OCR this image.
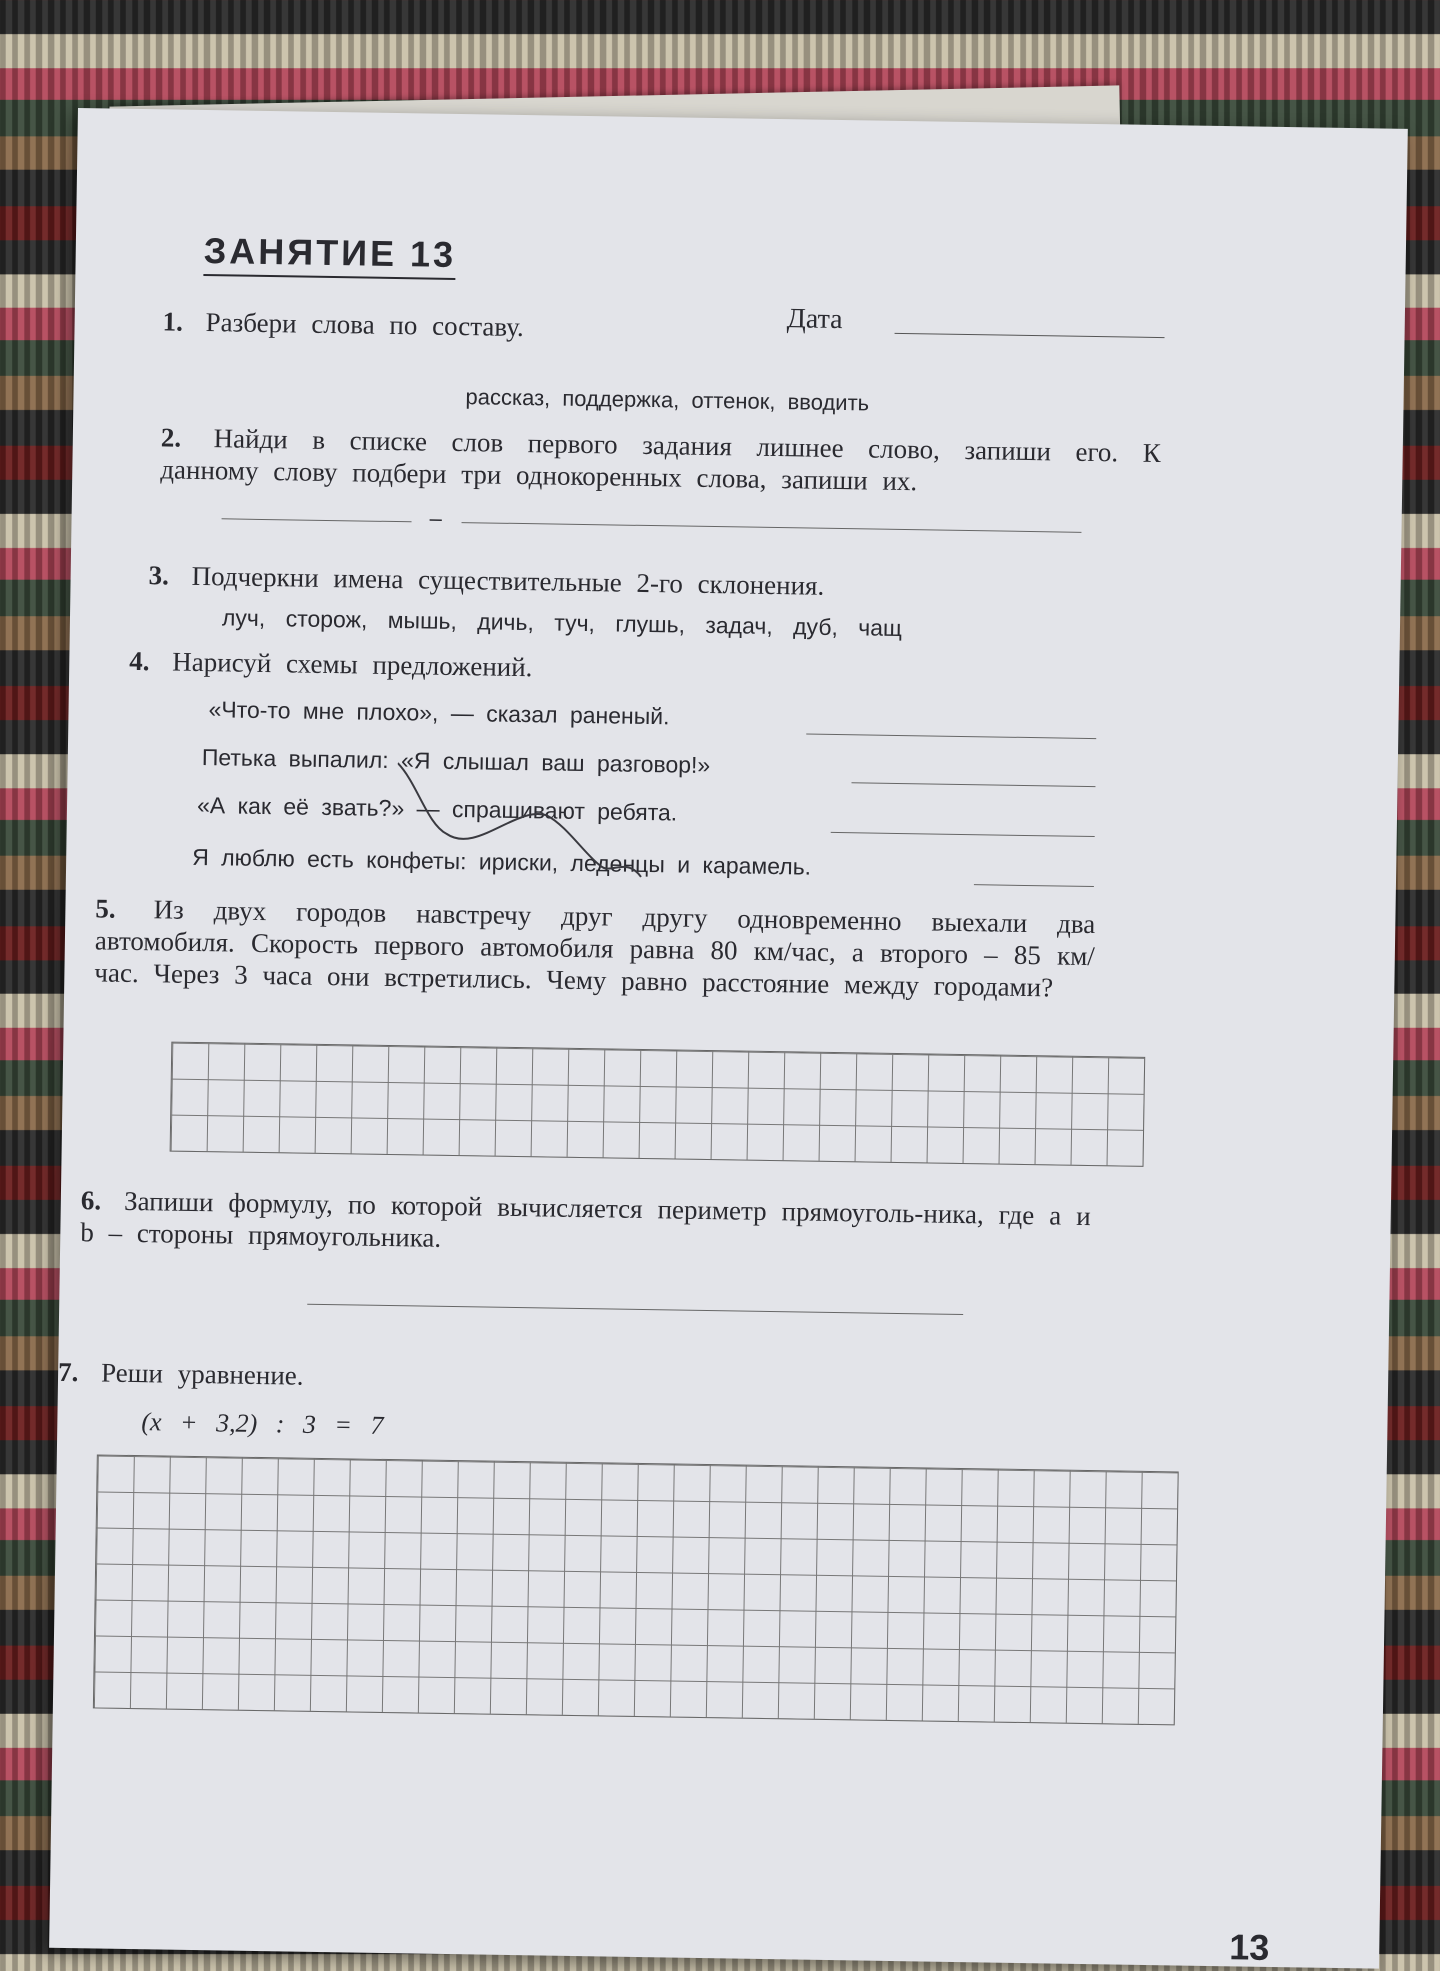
ЗАНЯТИЕ 13
Дата
1. Разбери слова по составу.
рассказ, поддержка, оттенок, вводить
2. Найди в списке слов первого задания лишнее слово, запиши его. К данному слову подбери три однокоренных слова, запиши их.
–
3. Подчеркни имена существительные 2-го склонения.
луч, сторож, мышь, дичь, туч, глушь, задач, дуб, чащ
4. Нарисуй схемы предложений.
«Что-то мне плохо», — сказал раненый.
Петька выпалил: «Я слышал ваш разговор!»
«А как её звать?» — спрашивают ребята.
Я люблю есть конфеты: ириски, леденцы и карамель.
5. Из двух городов навстречу друг другу одновременно выехали два автомобиля. Скорость первого автомобиля равна 80 км/час, а второго – 85 км/час. Через 3 часа они встретились. Чему равно расстояние между городами?
6. Запиши формулу, по которой вычисляется периметр прямоуголь-ника, где a и b – стороны прямоугольника.
7. Реши уравнение.
(x + 3,2) : 3 = 7
13
